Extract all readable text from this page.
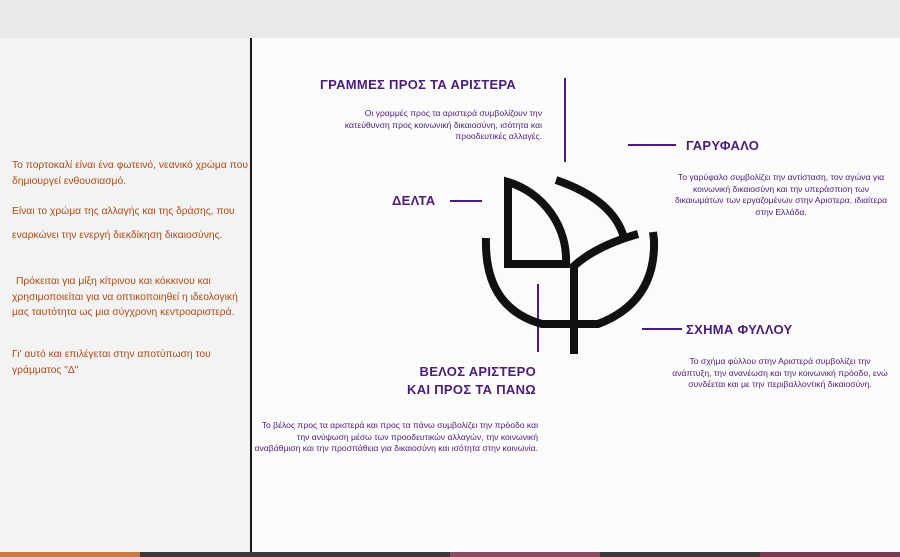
Το πορτοκαλί είναι ένα φωτεινό, νεανικό χρώμα που δημιουργεί ενθουσιασμό.

Είναι το χρώμα της αλλαγής και της δράσης, που

εναρκώνει την ενεργή διεκδίκηση δικαιοσύνης.

Πρόκειται για μίξη κίτρινου και κόκκινου και χρησιμοποιείται για να οπτικοποιηθεί η ιδεολογική μας ταυτότητα ως μια σύγχρονη κεντροαριστερά.

Γι' αυτό και επιλέγεται στην αποτύπωση του γράμματος "Δ"

ΓΡΑΜΜΕΣ ΠΡΟΣ ΤΑ ΑΡΙΣΤΕΡΑ

Οι γραμμές προς τα αριστερά συμβολίζουν την κατεύθυνση προς κοινωνική δικαιοσύνη, ισότητα και προοδευτικές αλλαγές.

ΓΑΡΥΦΑΛΟ

Το γαρύφαλο συμβολίζει την αντίσταση, τον αγώνα για κοινωνική δικαιοσύνη και την υπεράσπιση των δικαιωμάτων των εργαζομένων στην Αριστερα, ιδιαίτερα στην Ελλάδα.

ΔΕΛΤΑ

ΣΧΗΜΑ ΦΥΛΛΟΥ

Το σχήμα φύλλου στην Αριστερά συμβολίζει την ανάπτυξη, την ανανέωση και την κοινωνική πρόοδο, ενώ συνδέεται και με την περιβαλλοντική δικαιοσύνη.

ΒΕΛΟΣ ΑΡΙΣΤΕΡΟ

ΚΑΙ ΠΡΟΣ ΤΑ ΠΑΝΩ

Το βέλος προς τα αριστερά και προς τα πάνω συμβολίζει την πρόοδο και την ανύψωση μέσω των προοδευτικών αλλαγών, την κοινωνική αναβάθμιση και την προσπάθεια για δικαιοσύνη και ισότητα στην κοινωνία.
